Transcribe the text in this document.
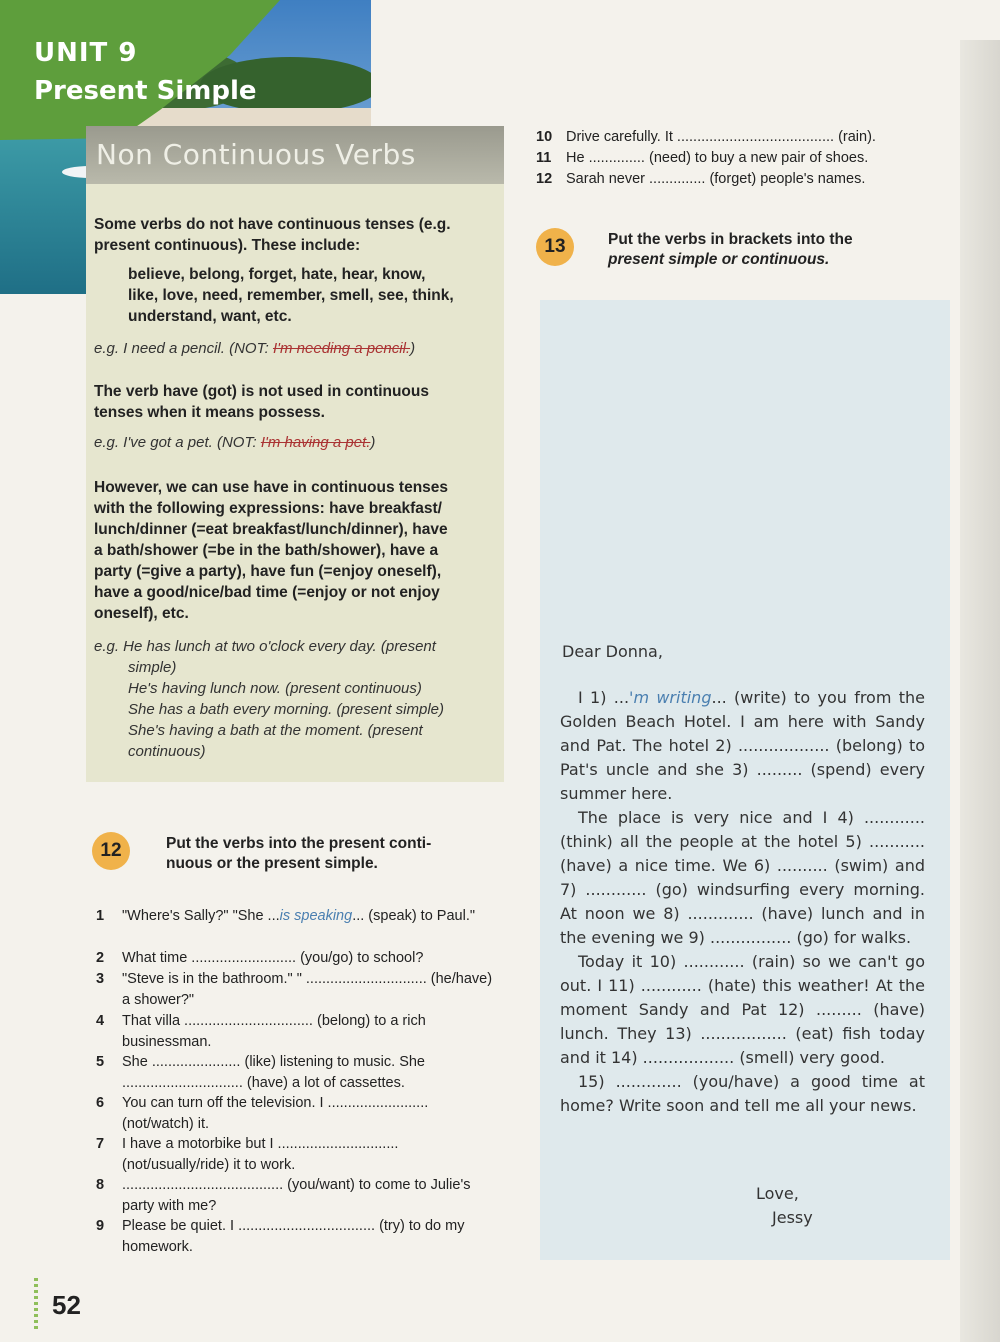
UNIT 9
Present Simple
Non Continuous Verbs
Some verbs do not have continuous tenses (e.g.
present continuous). These include:
believe, belong, forget, hate, hear, know,
like, love, need, remember, smell, see, think,
understand, want, etc.
e.g. I need a pencil. (NOT: I'm needing a pencil.)
The verb have (got) is not used in continuous
tenses when it means possess.
e.g. I've got a pet. (NOT: I'm having a pet.)
However, we can use have in continuous tenses
with the following expressions: have breakfast/
lunch/dinner (=eat breakfast/lunch/dinner), have
a bath/shower (=be in the bath/shower), have a
party (=give a party), have fun (=enjoy oneself),
have a good/nice/bad time (=enjoy or not enjoy
oneself), etc.
e.g. He has lunch at two o'clock every day. (present
simple)
He's having lunch now. (present continuous)
She has a bath every morning. (present simple)
She's having a bath at the moment. (present
continuous)
12	Put the verbs into the present conti-
nuous or the present simple.
1 "Where's Sally?" "She ...is speaking... (speak) to Paul."
2 What time .......................... (you/go) to school?
3 "Steve is in the bathroom." " .............................. (he/have) a shower?"
4 That villa ................................ (belong) to a rich businessman.
5 She ...................... (like) listening to music. She .............................. (have) a lot of cassettes.
6 You can turn off the television. I ......................... (not/watch) it.
7 I have a motorbike but I .............................. (not/usually/ride) it to work.
8 ........................................ (you/want) to come to Julie's party with me?
9 Please be quiet. I .................................. (try) to do my homework.
10 Drive carefully. It ....................................... (rain).
11 He .............. (need) to buy a new pair of shoes.
12 Sarah never .............. (forget) people's names.
13	Put the verbs in brackets into the
present simple or continuous.
Dear Donna,

I 1) ...'m writing... (write) to you from the Golden Beach Hotel. I am here with Sandy and Pat. The hotel 2) .................. (belong) to Pat's uncle and she 3) ......... (spend) every summer here.

The place is very nice and I 4) ............ (think) all the people at the hotel 5) ........... (have) a nice time. We 6) .......... (swim) and 7) ............ (go) windsurfing every morning. At noon we 8) ............. (have) lunch and in the evening we 9) ................ (go) for walks.

Today it 10) ............ (rain) so we can't go out. I 11) ............ (hate) this weather! At the moment Sandy and Pat 12) ......... (have) lunch. They 13) ................. (eat) fish today and it 14) .................. (smell) very good.

15) ............. (you/have) a good time at home? Write soon and tell me all your news.

Love,
Jessy
52
